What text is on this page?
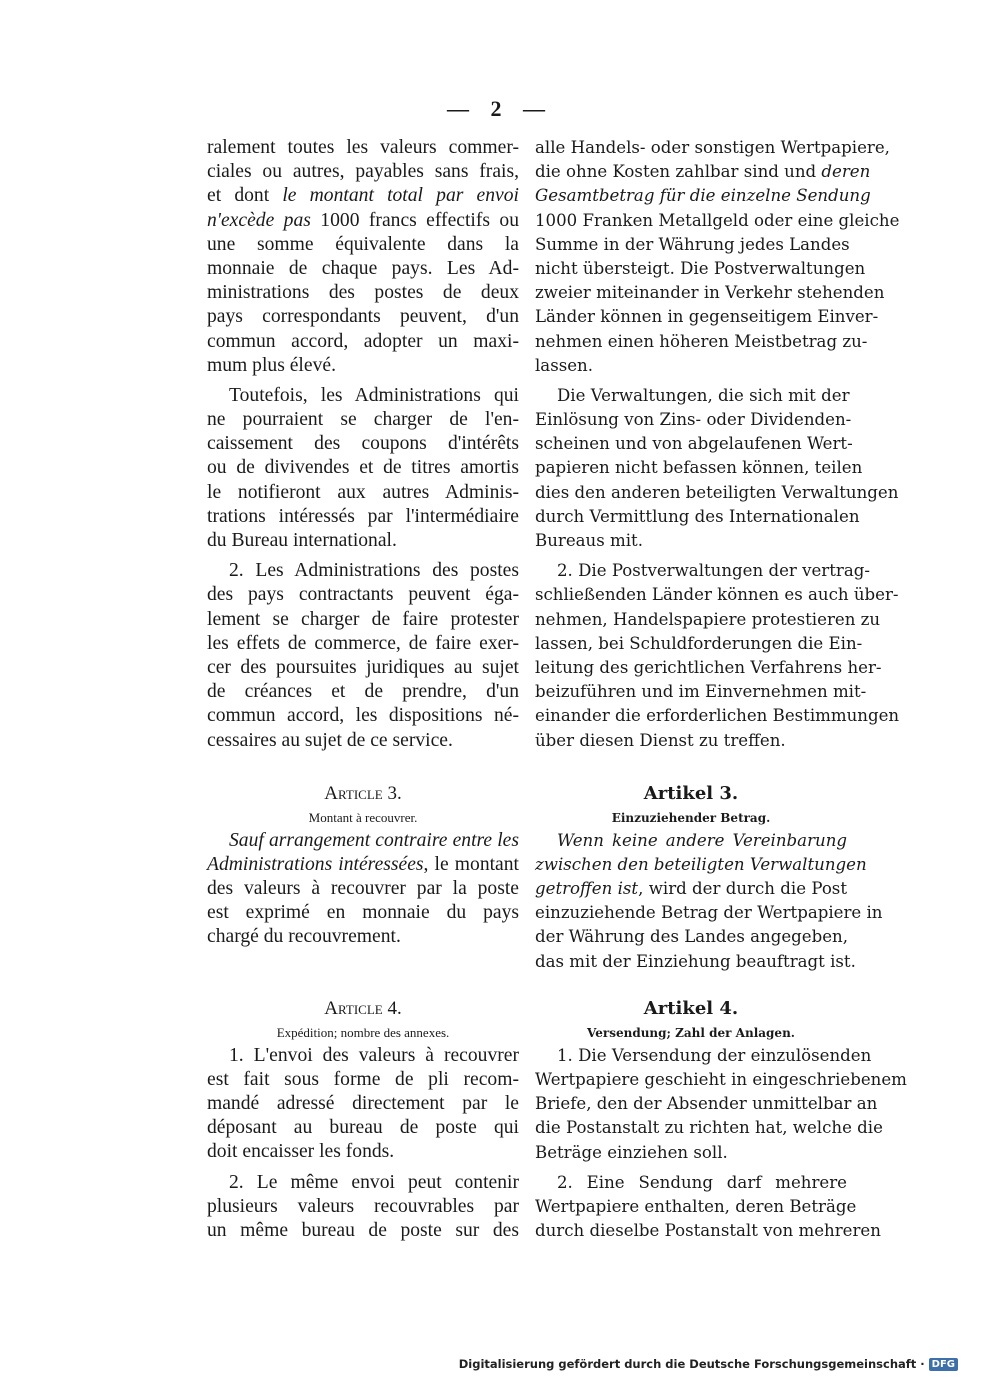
— 2 —
ralement toutes les valeurs commer-
ciales ou autres, payables sans frais,
et dont le montant total par envoi
n'excède pas 1000 francs effectifs ou
une somme équivalente dans la
monnaie de chaque pays. Les Ad-
ministrations des postes de deux
pays correspondants peuvent, d'un
commun accord, adopter un maxi-
mum plus élevé.
Toutefois, les Administrations qui
ne pourraient se charger de l'en-
caissement des coupons d'intérêts
ou de divivendes et de titres amortis
le notifieront aux autres Adminis-
trations intéressés par l'intermédiaire
du Bureau international.
2. Les Administrations des postes
des pays contractants peuvent éga-
lement se charger de faire protester
les effets de commerce, de faire exer-
cer des poursuites juridiques au sujet
de créances et de prendre, d'un
commun accord, les dispositions né-
cessaires au sujet de ce service.
Article 3.
Montant à recouvrer.
Sauf arrangement contraire entre les
Administrations intéressées, le montant
des valeurs à recouvrer par la poste
est exprimé en monnaie du pays
chargé du recouvrement.
Article 4.
Expédition; nombre des annexes.
1. L'envoi des valeurs à recouvrer
est fait sous forme de pli recom-
mandé adressé directement par le
déposant au bureau de poste qui
doit encaisser les fonds.
2. Le même envoi peut contenir
plusieurs valeurs recouvrables par
un même bureau de poste sur des
alle Handels- oder sonstigen Wertpapiere,
die ohne Kosten zahlbar sind und deren
Gesamtbetrag für die einzelne Sendung
1000 Franken Metallgeld oder eine gleiche
Summe in der Währung jedes Landes
nicht übersteigt. Die Postverwaltungen
zweier miteinander in Verkehr stehenden
Länder können in gegenseitigem Einver-
nehmen einen höheren Meistbetrag zu-
lassen.
Die Verwaltungen, die sich mit der
Einlösung von Zins- oder Dividenden-
scheinen und von abgelaufenen Wert-
papieren nicht befassen können, teilen
dies den anderen beteiligten Verwaltungen
durch Vermittlung des Internationalen
Bureaus mit.
2. Die Postverwaltungen der vertrag-
schließenden Länder können es auch über-
nehmen, Handelspapiere protestieren zu
lassen, bei Schuldforderungen die Ein-
leitung des gerichtlichen Verfahrens her-
beizuführen und im Einvernehmen mit-
einander die erforderlichen Bestimmungen
über diesen Dienst zu treffen.
Artikel 3.
Einzuziehender Betrag.
Wenn keine andere Vereinbarung
zwischen den beteiligten Verwaltungen
getroffen ist, wird der durch die Post
einzuziehende Betrag der Wertpapiere in
der Währung des Landes angegeben,
das mit der Einziehung beauftragt ist.
Artikel 4.
Versendung; Zahl der Anlagen.
1. Die Versendung der einzulösenden
Wertpapiere geschieht in eingeschriebenem
Briefe, den der Absender unmittelbar an
die Postanstalt zu richten hat, welche die
Beträge einziehen soll.
2. Eine Sendung darf mehrere
Wertpapiere enthalten, deren Beträge
durch dieselbe Postanstalt von mehreren
Digitalisierung gefördert durch die Deutsche Forschungsgemeinschaft · DFG
